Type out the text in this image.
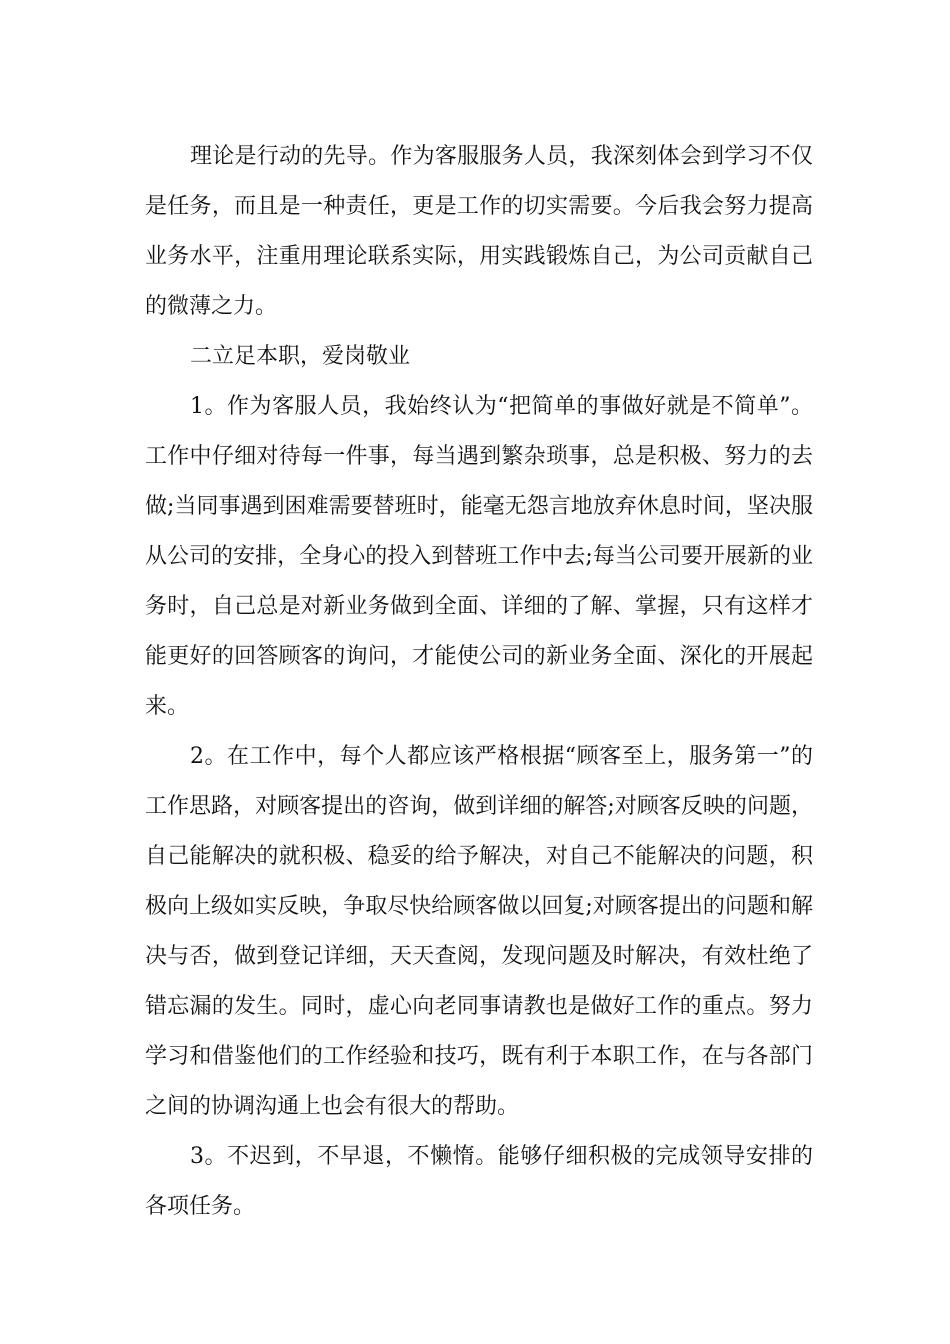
理论是行动的先导。作为客服服务人员，我深刻体会到学习不仅是任务，而且是一种责任，更是工作的切实需要。今后我会努力提高业务水平，注重用理论联系实际，用实践锻炼自己，为公司贡献自己的微薄之力。

二立足本职，爱岗敬业

1。作为客服人员，我始终认为“把简单的事做好就是不简单”。工作中仔细对待每一件事，每当遇到繁杂琐事，总是积极、努力的去做;当同事遇到困难需要替班时，能毫无怨言地放弃休息时间，坚决服从公司的安排，全身心的投入到替班工作中去;每当公司要开展新的业务时，自己总是对新业务做到全面、详细的了解、掌握，只有这样才能更好的回答顾客的询问，才能使公司的新业务全面、深化的开展起来。

2。在工作中，每个人都应该严格根据“顾客至上，服务第一”的工作思路，对顾客提出的咨询，做到详细的解答;对顾客反映的问题，自己能解决的就积极、稳妥的给予解决，对自己不能解决的问题，积极向上级如实反映，争取尽快给顾客做以回复;对顾客提出的问题和解决与否，做到登记详细，天天查阅，发现问题及时解决，有效杜绝了错忘漏的发生。同时，虚心向老同事请教也是做好工作的重点。努力学习和借鉴他们的工作经验和技巧，既有利于本职工作，在与各部门之间的协调沟通上也会有很大的帮助。

3。不迟到，不早退，不懒惰。能够仔细积极的完成领导安排的各项任务。
